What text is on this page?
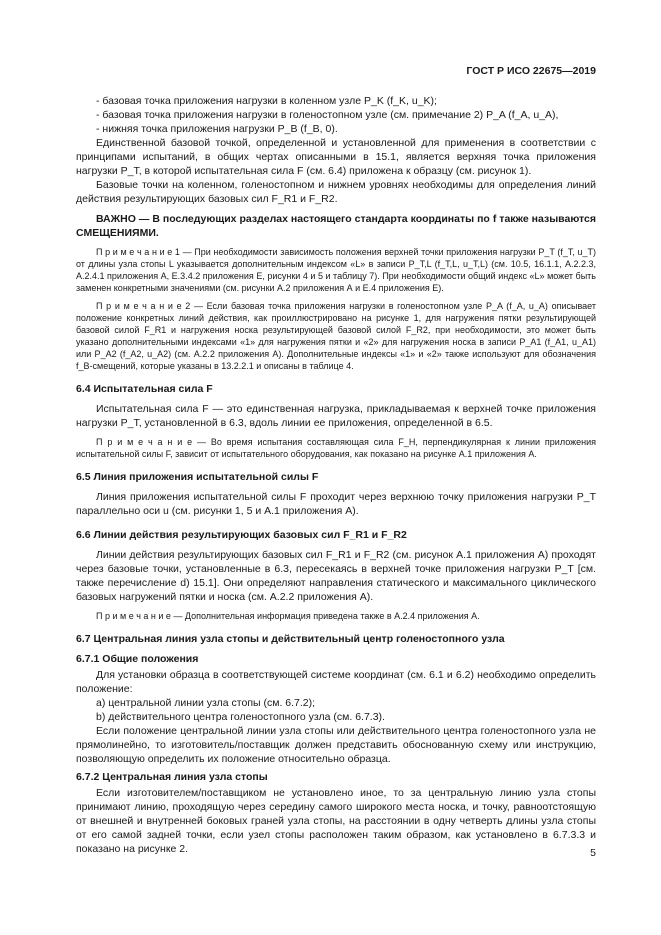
ГОСТ Р ИСО 22675—2019

- базовая точка приложения нагрузки в коленном узле P_K (f_K, u_K);

- базовая точка приложения нагрузки в голеностопном узле (см. примечание 2) P_A (f_A, u_A),

- нижняя точка приложения нагрузки P_B (f_B, 0).

Единственной базовой точкой, определенной и установленной для применения в соответствии с принципами испытаний, в общих чертах описанными в 15.1, является верхняя точка приложения нагрузки P_T, в которой испытательная сила F (см. 6.4) приложена к образцу (см. рисунок 1).

Базовые точки на коленном, голеностопном и нижнем уровнях необходимы для определения линий действия результирующих базовых сил F_R1 и F_R2.

ВАЖНО — В последующих разделах настоящего стандарта координаты по f также называются СМЕЩЕНИЯМИ.

П р и м е ч а н и е 1 — При необходимости зависимость положения верхней точки приложения нагрузки P_T (f_T, u_T) от длины узла стопы L указывается дополнительным индексом «L» в записи P_T,L (f_T,L, u_T,L) (см. 10.5, 16.1.1, А.2.2.3, А.2.4.1 приложения А, Е.3.4.2 приложения Е, рисунки 4 и 5 и таблицу 7). При необходимости общий индекс «L» может быть заменен конкретными значениями (см. рисунки А.2 приложения А и Е.4 приложения Е).

П р и м е ч а н и е 2 — Если базовая точка приложения нагрузки в голеностопном узле P_A (f_A, u_A) описывает положение конкретных линий действия, как проиллюстрировано на рисунке 1, для нагружения пятки результирующей базовой силой F_R1 и нагружения носка результирующей базовой силой F_R2, при необходимости, это может быть указано дополнительными индексами «1» для нагружения пятки и «2» для нагружения носка в записи P_A1 (f_A1, u_A1) или P_A2 (f_A2, u_A2) (см. А.2.2 приложения А). Дополнительные индексы «1» и «2» также используют для обозначения f_B-смещений, которые указаны в 13.2.2.1 и описаны в таблице 4.

6.4 Испытательная сила F

Испытательная сила F — это единственная нагрузка, прикладываемая к верхней точке приложения нагрузки P_T, установленной в 6.3, вдоль линии ее приложения, определенной в 6.5.

П р и м е ч а н и е — Во время испытания составляющая сила F_H, перпендикулярная к линии приложения испытательной силы F, зависит от испытательного оборудования, как показано на рисунке А.1 приложения А.

6.5 Линия приложения испытательной силы F

Линия приложения испытательной силы F проходит через верхнюю точку приложения нагрузки P_T параллельно оси u (см. рисунки 1, 5 и А.1 приложения А).

6.6 Линии действия результирующих базовых сил F_R1 и F_R2

Линии действия результирующих базовых сил F_R1 и F_R2 (см. рисунок А.1 приложения А) проходят через базовые точки, установленные в 6.3, пересекаясь в верхней точке приложения нагрузки P_T [см. также перечисление d) 15.1]. Они определяют направления статического и максимального циклического базовых нагружений пятки и носка (см. А.2.2 приложения А).

П р и м е ч а н и е — Дополнительная информация приведена также в А.2.4 приложения А.

6.7 Центральная линия узла стопы и действительный центр голеностопного узла

6.7.1 Общие положения

Для установки образца в соответствующей системе координат (см. 6.1 и 6.2) необходимо определить положение:

а) центральной линии узла стопы (см. 6.7.2);

b) действительного центра голеностопного узла (см. 6.7.3).

Если положение центральной линии узла стопы или действительного центра голеностопного узла не прямолинейно, то изготовитель/поставщик должен представить обоснованную схему или инструкцию, позволяющую определить их положение относительно образца.

6.7.2 Центральная линия узла стопы

Если изготовителем/поставщиком не установлено иное, то за центральную линию узла стопы принимают линию, проходящую через середину самого широкого места носка, и точку, равноотстоящую от внешней и внутренней боковых граней узла стопы, на расстоянии в одну четверть длины узла стопы от его самой задней точки, если узел стопы расположен таким образом, как установлено в 6.7.3.3 и показано на рисунке 2.	5
